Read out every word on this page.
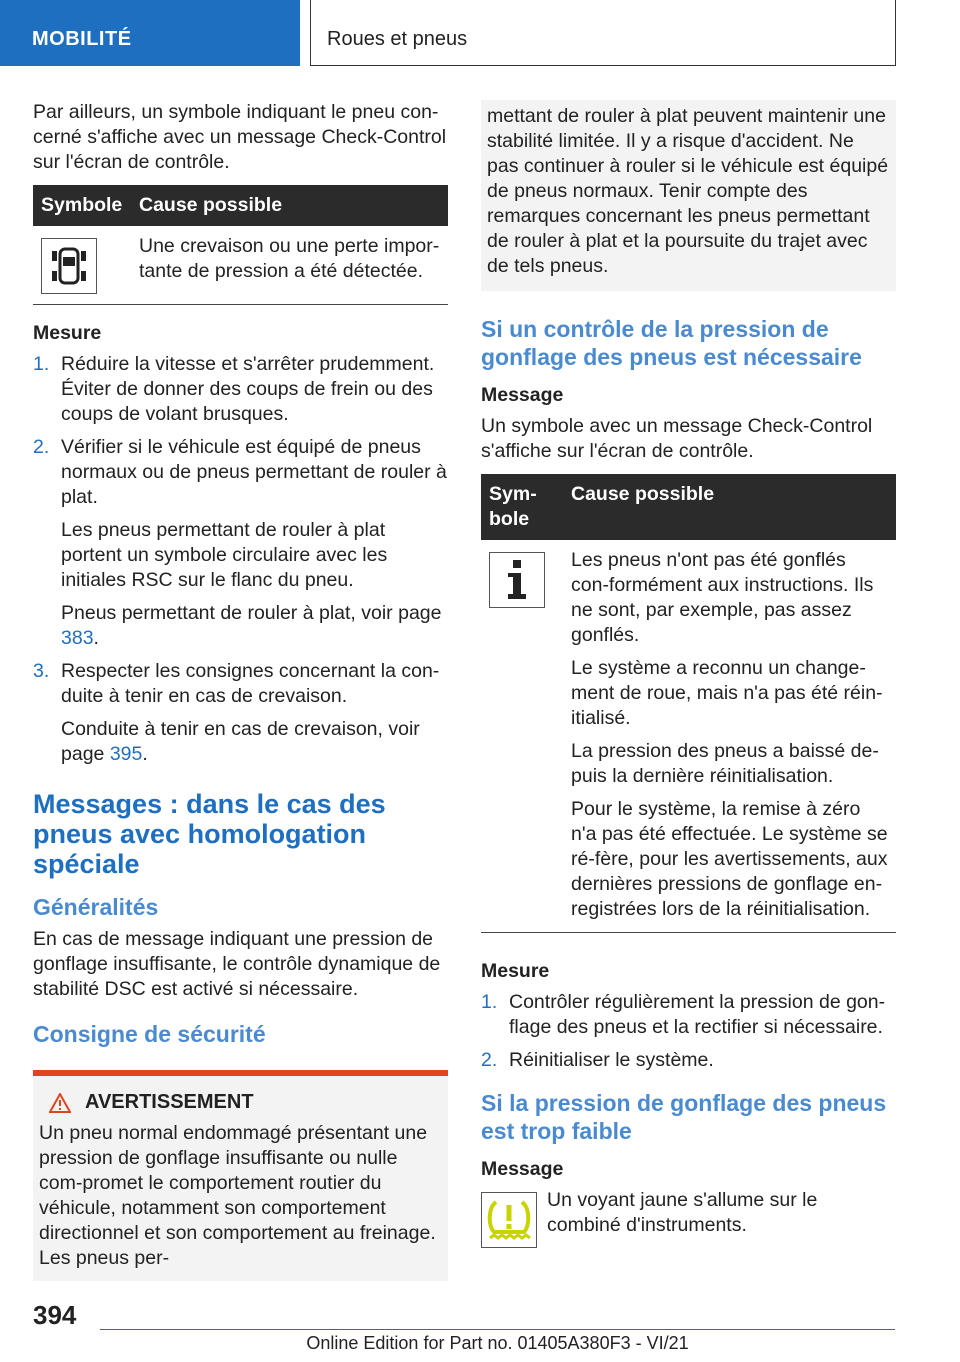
MOBILITÉ	Roues et pneus

Par ailleurs, un symbole indiquant le pneu con-cerné s'affiche avec un message Check-Control sur l'écran de contrôle.

Symbole	Cause possible

	Une crevaison ou une perte impor-tante de pression a été détectée.
Mesure
1. Réduire la vitesse et s'arrêter prudemment. Éviter de donner des coups de frein ou des coups de volant brusques.
2. Vérifier si le véhicule est équipé de pneus normaux ou de pneus permettant de rouler à plat.
Les pneus permettant de rouler à plat portent un symbole circulaire avec les initiales RSC sur le flanc du pneu.
Pneus permettant de rouler à plat, voir page 383.
3. Respecter les consignes concernant la con-duite à tenir en cas de crevaison.
Conduite à tenir en cas de crevaison, voir page 395.
Messages : dans le cas des pneus avec homologation spéciale
Généralités

En cas de message indiquant une pression de gonflage insuffisante, le contrôle dynamique de stabilité DSC est activé si nécessaire.

Consigne de sécurité
AVERTISSEMENT
Un pneu normal endommagé présentant une pression de gonflage insuffisante ou nulle com-promet le comportement routier du véhicule, notamment son comportement directionnel et son comportement au freinage. Les pneus per-
mettant de rouler à plat peuvent maintenir une stabilité limitée. Il y a risque d'accident. Ne pas continuer à rouler si le véhicule est équipé de pneus normaux. Tenir compte des remarques concernant les pneus permettant de rouler à plat et la poursuite du trajet avec de tels pneus.
Si un contrôle de la pression de gonflage des pneus est nécessaire
Message

Un symbole avec un message Check-Control s'affiche sur l'écran de contrôle.

Sym-bole	Cause possible

Les pneus n'ont pas été gonflés con-formément aux instructions. Ils ne sont, par exemple, pas assez gonflés.
Le système a reconnu un change-ment de roue, mais n'a pas été réin-itialisé.
La pression des pneus a baissé de-puis la dernière réinitialisation.
Pour le système, la remise à zéro n'a pas été effectuée. Le système se ré-fère, pour les avertissements, aux dernières pressions de gonflage en-registrées lors de la réinitialisation.
Mesure
1. Contrôler régulièrement la pression de gon-flage des pneus et la rectifier si nécessaire.
2. Réinitialiser le système.
Si la pression de gonflage des pneus est trop faible
Message
Un voyant jaune s'allume sur le combiné d'instruments.
394
Online Edition for Part no. 01405A380F3 - VI/21
